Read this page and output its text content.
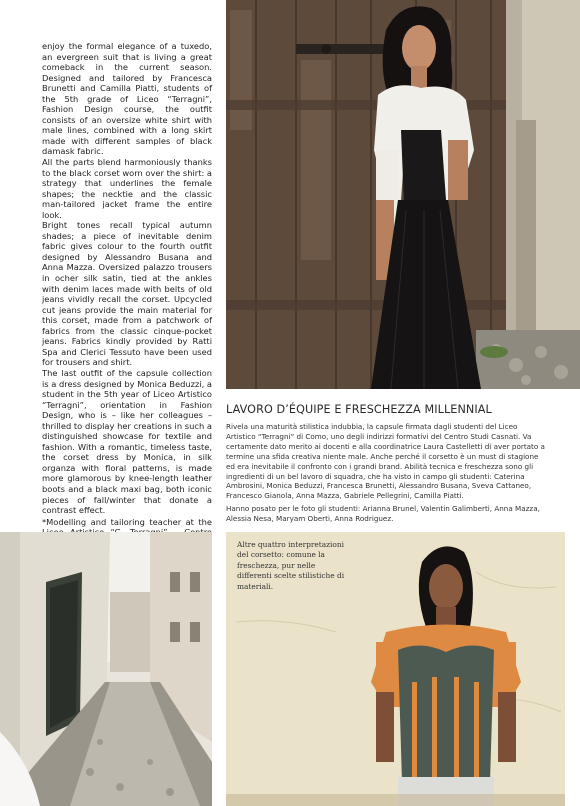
enjoy the formal elegance of a tuxedo, an evergreen suit that is living a great comeback in the current season. Designed and tailored by Francesca Brunetti and Camilla Piatti, students of the 5th grade of Liceo “Terragni”, Fashion Design course, the outfit consists of an oversize white shirt with male lines, combined with a long skirt made with different samples of black damask fabric.

All the parts blend harmoniously thanks to the black corset worn over the shirt: a strategy that underlines the female shapes; the necktie and the classic man-tailored jacket frame the entire look.

Bright tones recall typical autumn shades; a piece of inevitable denim fabric gives colour to the fourth outfit designed by Alessandro Busana and Anna Mazza. Oversized palazzo trousers in ocher silk satin, tied at the ankles with denim laces made with belts of old jeans vividly recall the corset. Upcycled cut jeans provide the main material for this corset, made from a patchwork of fabrics from the classic cinque-pocket jeans. Fabrics kindly provided by Ratti Spa and Clerici Tessuto have been used for trousers and shirt.

The last outfit of the capsule collection is a dress designed by Monica Beduzzi, a student in the 5th year of Liceo Artistico “Terragni”, orientation in Fashion Design, who is – like her colleagues – thrilled to display her creations in such a distinguished showcase for textile and fashion. With a romantic, timeless taste, the corset dress by Monica, in silk organza with floral patterns, is made more glamorous by knee-length leather boots and a black maxi bag, both iconic pieces of fall/winter that donate a contrast effect.

*Modelling and tailoring teacher at the

LAVORO D’ÉQUIPE E FRESCHEZZA MILLENNIAL

Rivela una maturità stilistica indubbia, la capsule firmata dagli studenti del Liceo Artistico “Terragni” di Como, uno degli indirizzi formativi del Centro Studi Casnati. Va certamente dato merito ai docenti e alla coordinatrice Laura Castelletti di aver portato a termine una sfida creativa niente male. Anche perché il corsetto è un must di stagione ed era inevitabile il confronto con i grandi brand. Abilità tecnica e freschezza sono gli ingredienti di un bel lavoro di squadra, che ha visto in campo gli studenti: Caterina Ambrosini, Monica Beduzzi, Francesca Brunetti, Alessandro Busana, Sveva Cattaneo, Francesco Gianola, Anna Mazza, Gabriele Pellegrini, Camilla Piatti.

Hanno posato per le foto gli studenti: Arianna Brunel, Valentin Galimberti, Anna Mazza, Alessia Nesa, Maryam Oberti, Anna Rodriguez.

Altre quattro interpretazioni del corsetto: comune la freschezza, pur nelle differenti scelte stilistiche di materiali.
